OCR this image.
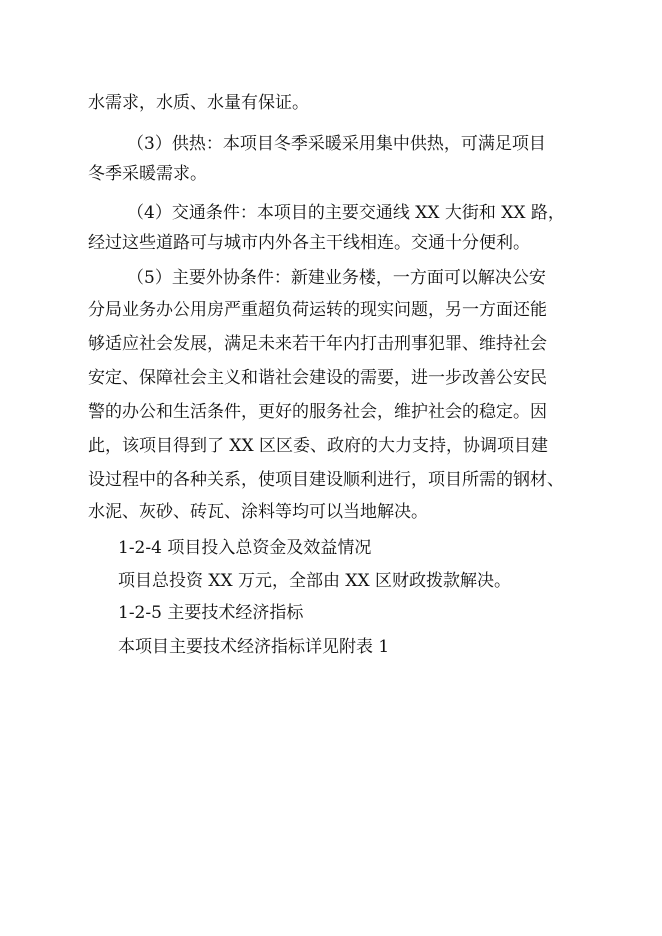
水需求，水质、水量有保证。
（3）供热：本项目冬季采暖采用集中供热，可满足项目
冬季采暖需求。
（4）交通条件：本项目的主要交通线 XX 大街和 XX 路，
经过这些道路可与城市内外各主干线相连。交通十分便利。
（5）主要外协条件：新建业务楼，一方面可以解决公安
分局业务办公用房严重超负荷运转的现实问题，另一方面还能
够适应社会发展，满足未来若干年内打击刑事犯罪、维持社会
安定、保障社会主义和谐社会建设的需要，进一步改善公安民
警的办公和生活条件，更好的服务社会，维护社会的稳定。因
此，该项目得到了 XX 区区委、政府的大力支持，协调项目建
设过程中的各种关系，使项目建设顺利进行，项目所需的钢材、
水泥、灰砂、砖瓦、涂料等均可以当地解决。
1-2-4 项目投入总资金及效益情况
项目总投资 XX 万元，全部由 XX 区财政拨款解决。
1-2-5 主要技术经济指标
本项目主要技术经济指标详见附表 1
